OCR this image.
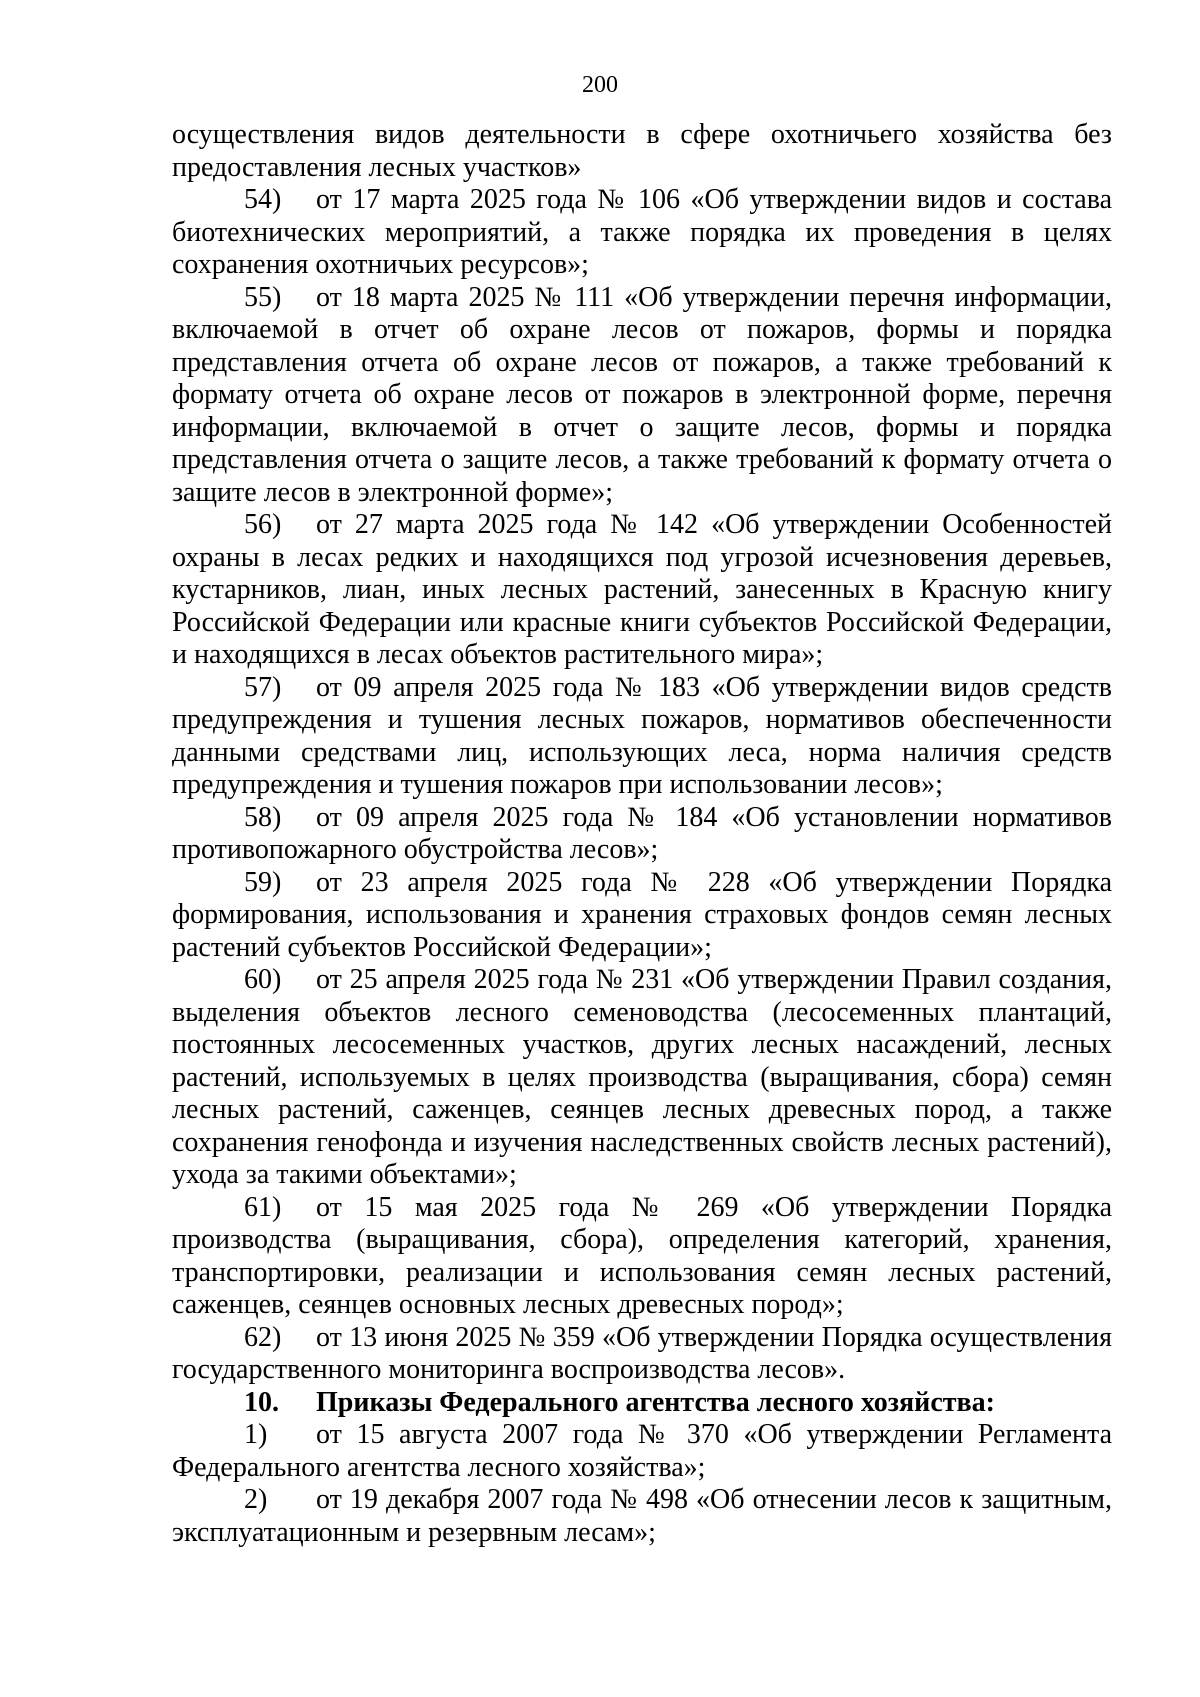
200

осуществления видов деятельности в сфере охотничьего хозяйства без предоставления лесных участков»

54) от 17 марта 2025 года № 106 «Об утверждении видов и состава биотехнических мероприятий, а также порядка их проведения в целях сохранения охотничьих ресурсов»;

55) от 18 марта 2025 № 111 «Об утверждении перечня информации, включаемой в отчет об охране лесов от пожаров, формы и порядка представления отчета об охране лесов от пожаров, а также требований к формату отчета об охране лесов от пожаров в электронной форме, перечня информации, включаемой в отчет о защите лесов, формы и порядка представления отчета о защите лесов, а также требований к формату отчета о защите лесов в электронной форме»;

56) от 27 марта 2025 года № 142 «Об утверждении Особенностей охраны в лесах редких и находящихся под угрозой исчезновения деревьев, кустарников, лиан, иных лесных растений, занесенных в Красную книгу Российской Федерации или красные книги субъектов Российской Федерации, и находящихся в лесах объектов растительного мира»;

57) от 09 апреля 2025 года № 183 «Об утверждении видов средств предупреждения и тушения лесных пожаров, нормативов обеспеченности данными средствами лиц, использующих леса, норма наличия средств предупреждения и тушения пожаров при использовании лесов»;

58) от 09 апреля 2025 года № 184 «Об установлении нормативов противопожарного обустройства лесов»;

59) от 23 апреля 2025 года № 228 «Об утверждении Порядка формирования, использования и хранения страховых фондов семян лесных растений субъектов Российской Федерации»;

60) от 25 апреля 2025 года № 231 «Об утверждении Правил создания, выделения объектов лесного семеноводства (лесосеменных плантаций, постоянных лесосеменных участков, других лесных насаждений, лесных растений, используемых в целях производства (выращивания, сбора) семян лесных растений, саженцев, сеянцев лесных древесных пород, а также сохранения генофонда и изучения наследственных свойств лесных растений), ухода за такими объектами»;

61) от 15 мая 2025 года № 269 «Об утверждении Порядка производства (выращивания, сбора), определения категорий, хранения, транспортировки, реализации и использования семян лесных растений, саженцев, сеянцев основных лесных древесных пород»;

62) от 13 июня 2025 № 359 «Об утверждении Порядка осуществления государственного мониторинга воспроизводства лесов».

10. Приказы Федерального агентства лесного хозяйства:

1) от 15 августа 2007 года № 370 «Об утверждении Регламента Федерального агентства лесного хозяйства»;

2) от 19 декабря 2007 года № 498 «Об отнесении лесов к защитным, эксплуатационным и резервным лесам»;
